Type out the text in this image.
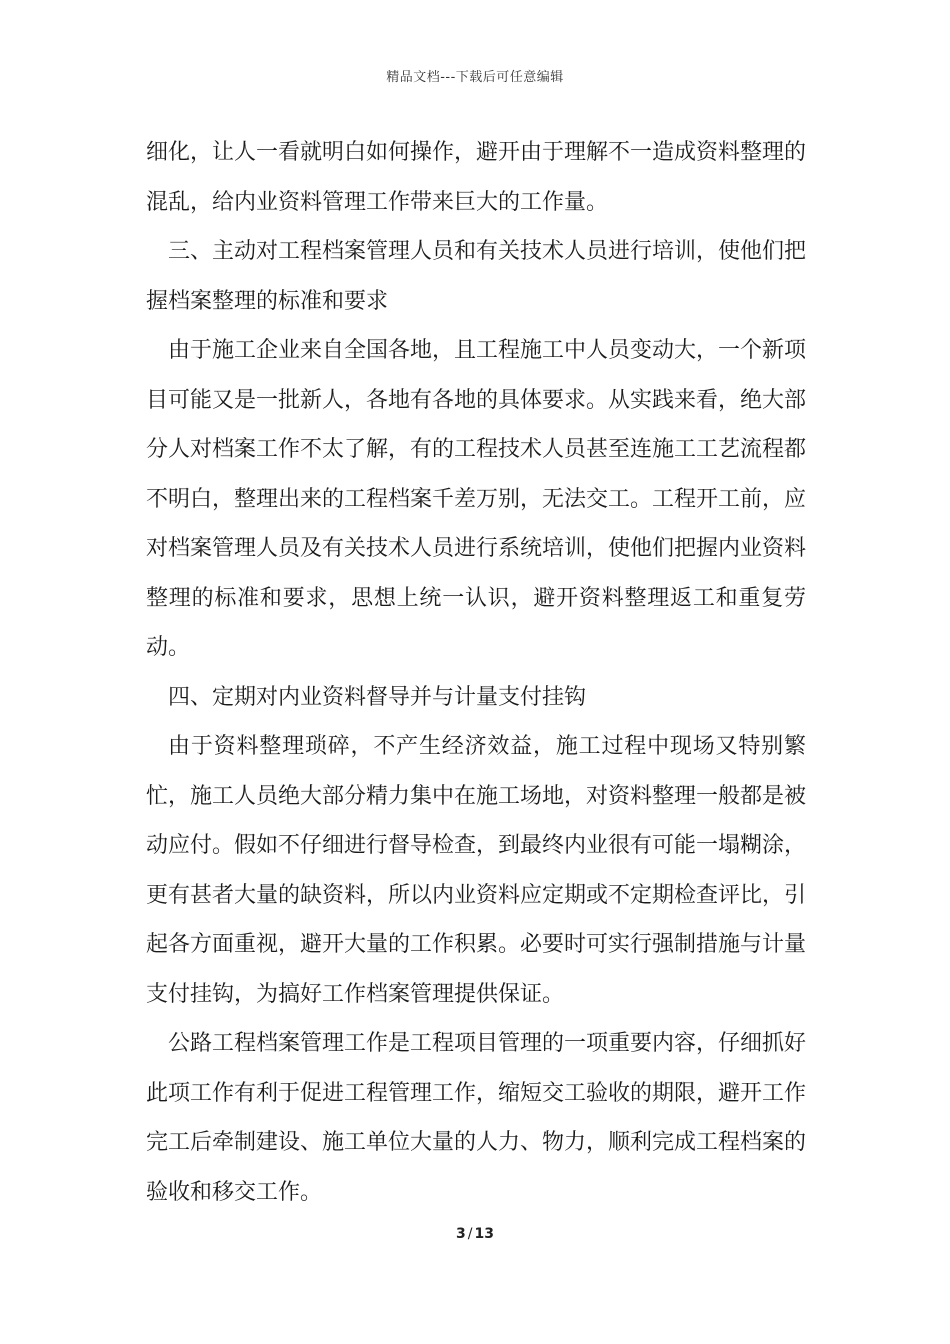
精品文档---下载后可任意编辑

细化，让人一看就明白如何操作，避开由于理解不一造成资料整理的混乱，给内业资料管理工作带来巨大的工作量。

三、主动对工程档案管理人员和有关技术人员进行培训，使他们把握档案整理的标准和要求

由于施工企业来自全国各地，且工程施工中人员变动大，一个新项目可能又是一批新人，各地有各地的具体要求。从实践来看，绝大部分人对档案工作不太了解，有的工程技术人员甚至连施工工艺流程都不明白，整理出来的工程档案千差万别，无法交工。工程开工前，应对档案管理人员及有关技术人员进行系统培训，使他们把握内业资料整理的标准和要求，思想上统一认识，避开资料整理返工和重复劳动。

四、定期对内业资料督导并与计量支付挂钩

由于资料整理琐碎，不产生经济效益，施工过程中现场又特别繁忙，施工人员绝大部分精力集中在施工场地，对资料整理一般都是被动应付。假如不仔细进行督导检查，到最终内业很有可能一塌糊涂，更有甚者大量的缺资料，所以内业资料应定期或不定期检查评比，引起各方面重视，避开大量的工作积累。必要时可实行强制措施与计量支付挂钩，为搞好工作档案管理提供保证。

公路工程档案管理工作是工程项目管理的一项重要内容，仔细抓好此项工作有利于促进工程管理工作，缩短交工验收的期限，避开工作完工后牵制建设、施工单位大量的人力、物力，顺利完成工程档案的验收和移交工作。

3 / 13
